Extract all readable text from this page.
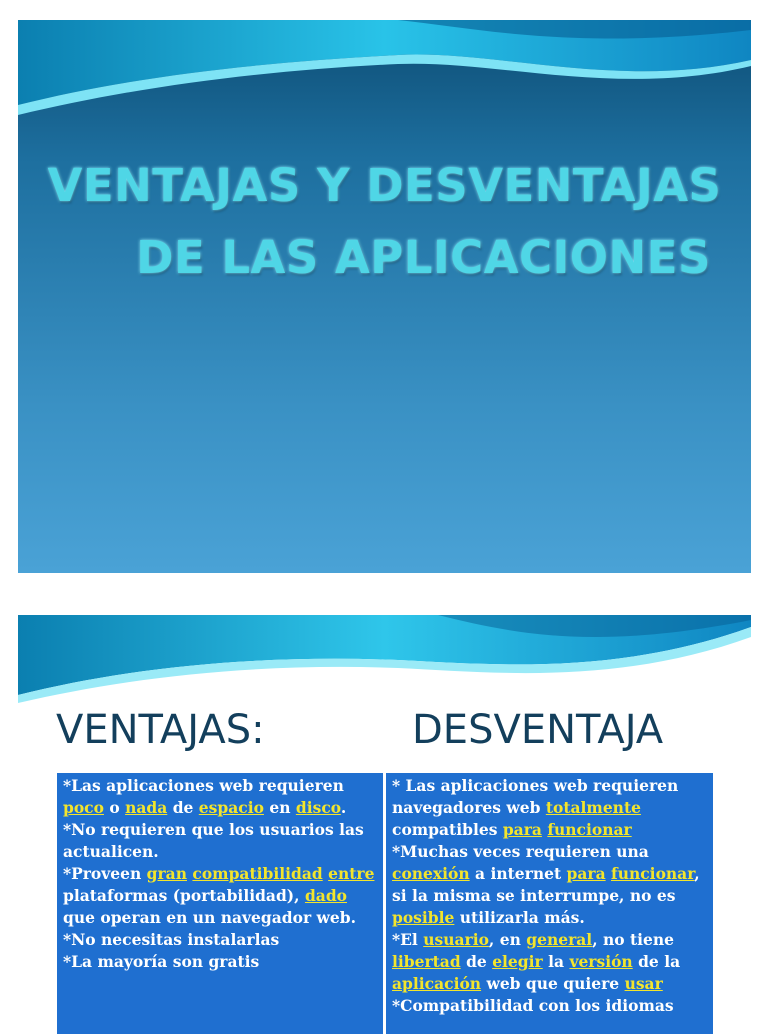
VENTAJAS Y DESVENTAJAS
DE LAS APLICACIONES
VENTAJAS:	DESVENTAJA
*Las aplicaciones web requieren
poco o nada de espacio en disco.
*No requieren que los usuarios las
actualicen.
*Proveen gran compatibilidad entre
plataformas (portabilidad), dado
que operan en un navegador web.
*No necesitas instalarlas
*La mayoría son gratis
* Las aplicaciones web requieren
navegadores web totalmente
compatibles para funcionar
*Muchas veces requieren una
conexión a internet para funcionar,
si la misma se interrumpe, no es
posible utilizarla más.
*El usuario, en general, no tiene
libertad de elegir la versión de la
aplicación web que quiere usar
*Compatibilidad con los idiomas
